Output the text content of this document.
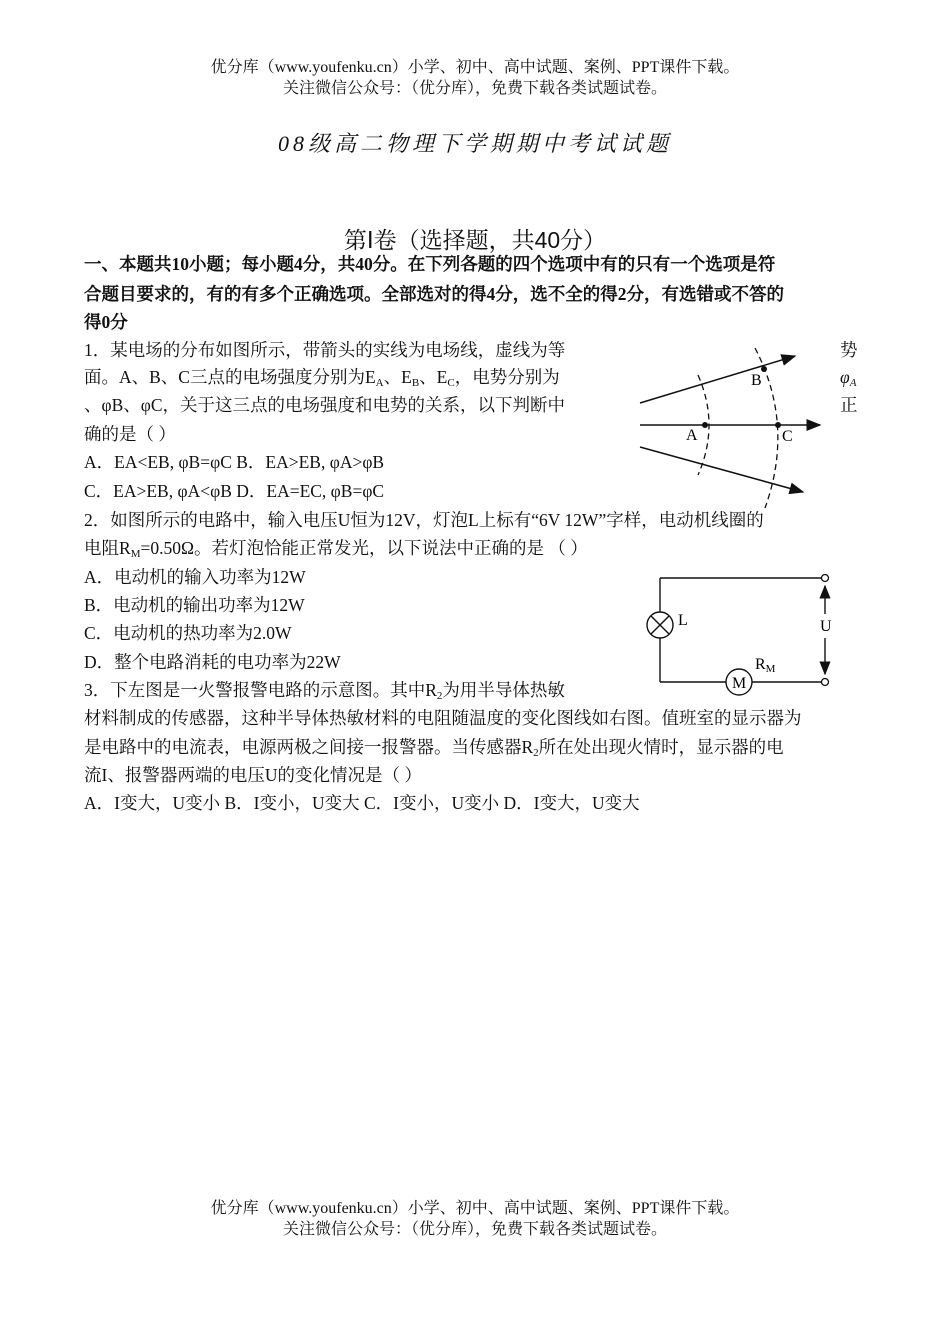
优分库（www.youfenku.cn）小学、初中、高中试题、案例、PPT课件下载。
关注微信公众号：（优分库），免费下载各类试题试卷。
08级高二物理下学期期中考试试题
第Ⅰ卷（选择题，共40分）
一、本题共10小题；每小题4分，共40分。在下列各题的四个选项中有的只有一个选项是符
合题目要求的，有的有多个正确选项。全部选对的得4分，选不全的得2分，有选错或不答的
得0分
1．某电场的分布如图所示，带箭头的实线为电场线，虚线为等	势
面。A、B、C三点的电场强度分别为$E_A$、$E_B$、$E_C$，电势分别为	$\varphi_A$
、φB、φC，关于这三点的电场强度和电势的关系，以下判断中	正
确的是（ ）
A．EA<EB, φB=φC B．EA>EB, φA>φB
C．EA>EB, φA<φB D．EA=EC, φB=φC
B
A	C
2．如图所示的电路中，输入电压U恒为12V，灯泡L上标有“6V 12W”字样，电动机线圈的
电阻$R_M=0.50\Omega$。若灯泡恰能正常发光，以下说法中正确的是 （ ）
A．电动机的输入功率为12W
B．电动机的输出功率为12W
C．电动机的热功率为2.0W
D．整个电路消耗的电功率为22W
L
M
RM
U
3．下左图是一火警报警电路的示意图。其中$R_2$为用半导体热敏
材料制成的传感器，这种半导体热敏材料的电阻随温度的变化图线如右图。值班室的显示器为
是电路中的电流表，电源两极之间接一报警器。当传感器$R_2$所在处出现火情时，显示器的电
流I、报警器两端的电压U的变化情况是（ ）
A．I变大，U变小 B．I变小，U变大 C．I变小，U变小 D．I变大，U变大
优分库（www.youfenku.cn）小学、初中、高中试题、案例、PPT课件下载。
关注微信公众号：（优分库），免费下载各类试题试卷。
